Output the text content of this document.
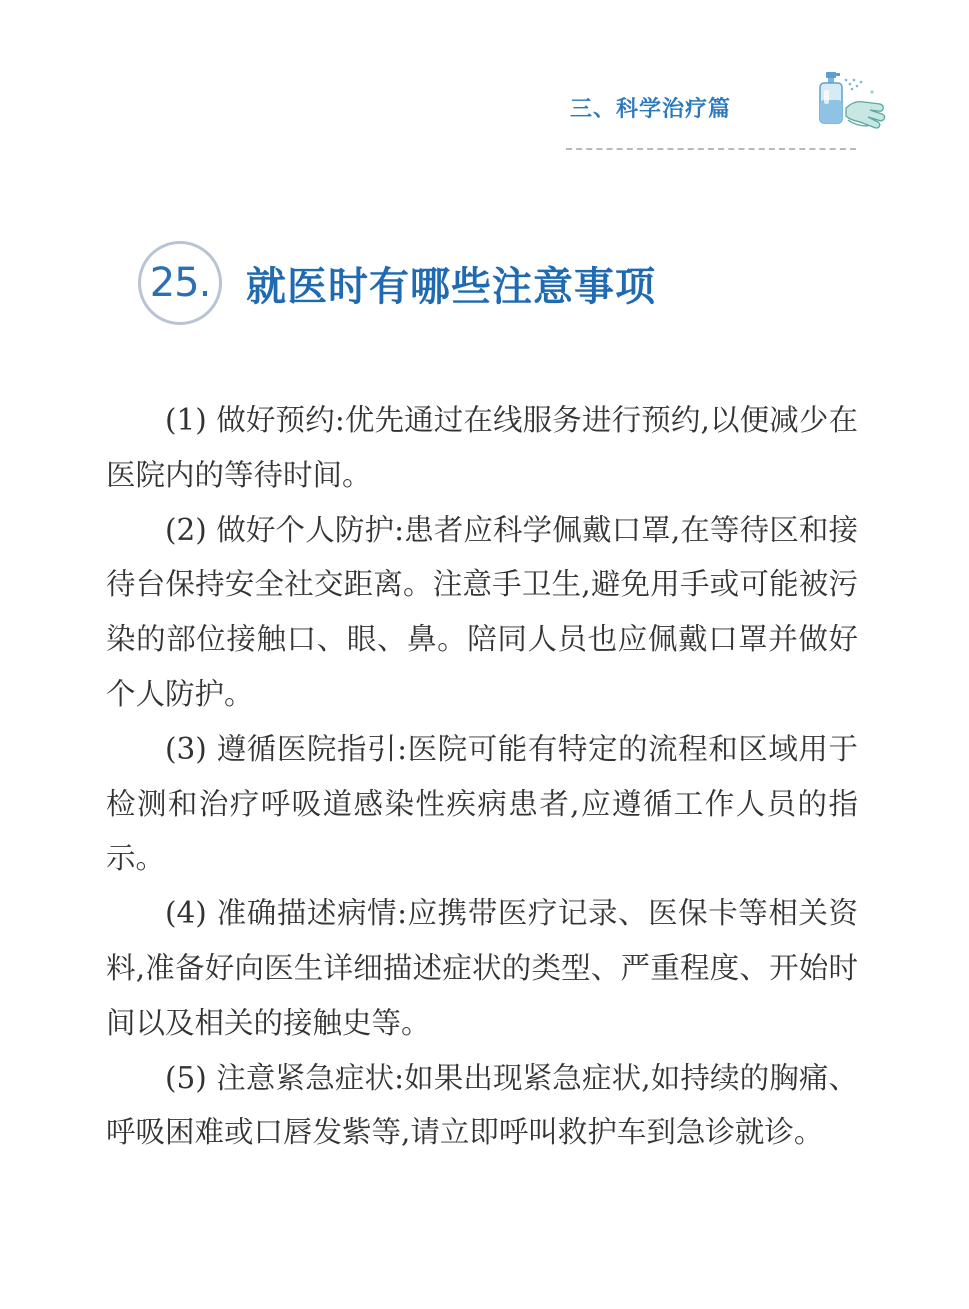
三、科学治疗篇
25. 就医时有哪些注意事项

(1) 做好预约:优先通过在线服务进行预约,以便减少在医院内的等待时间。

(2) 做好个人防护:患者应科学佩戴口罩,在等待区和接待台保持安全社交距离。注意手卫生,避免用手或可能被污染的部位接触口、眼、鼻。陪同人员也应佩戴口罩并做好个人防护。

(3) 遵循医院指引:医院可能有特定的流程和区域用于检测和治疗呼吸道感染性疾病患者,应遵循工作人员的指示。

(4) 准确描述病情:应携带医疗记录、医保卡等相关资料,准备好向医生详细描述症状的类型、严重程度、开始时间以及相关的接触史等。

(5) 注意紧急症状:如果出现紧急症状,如持续的胸痛、呼吸困难或口唇发紫等,请立即呼叫救护车到急诊就诊。
